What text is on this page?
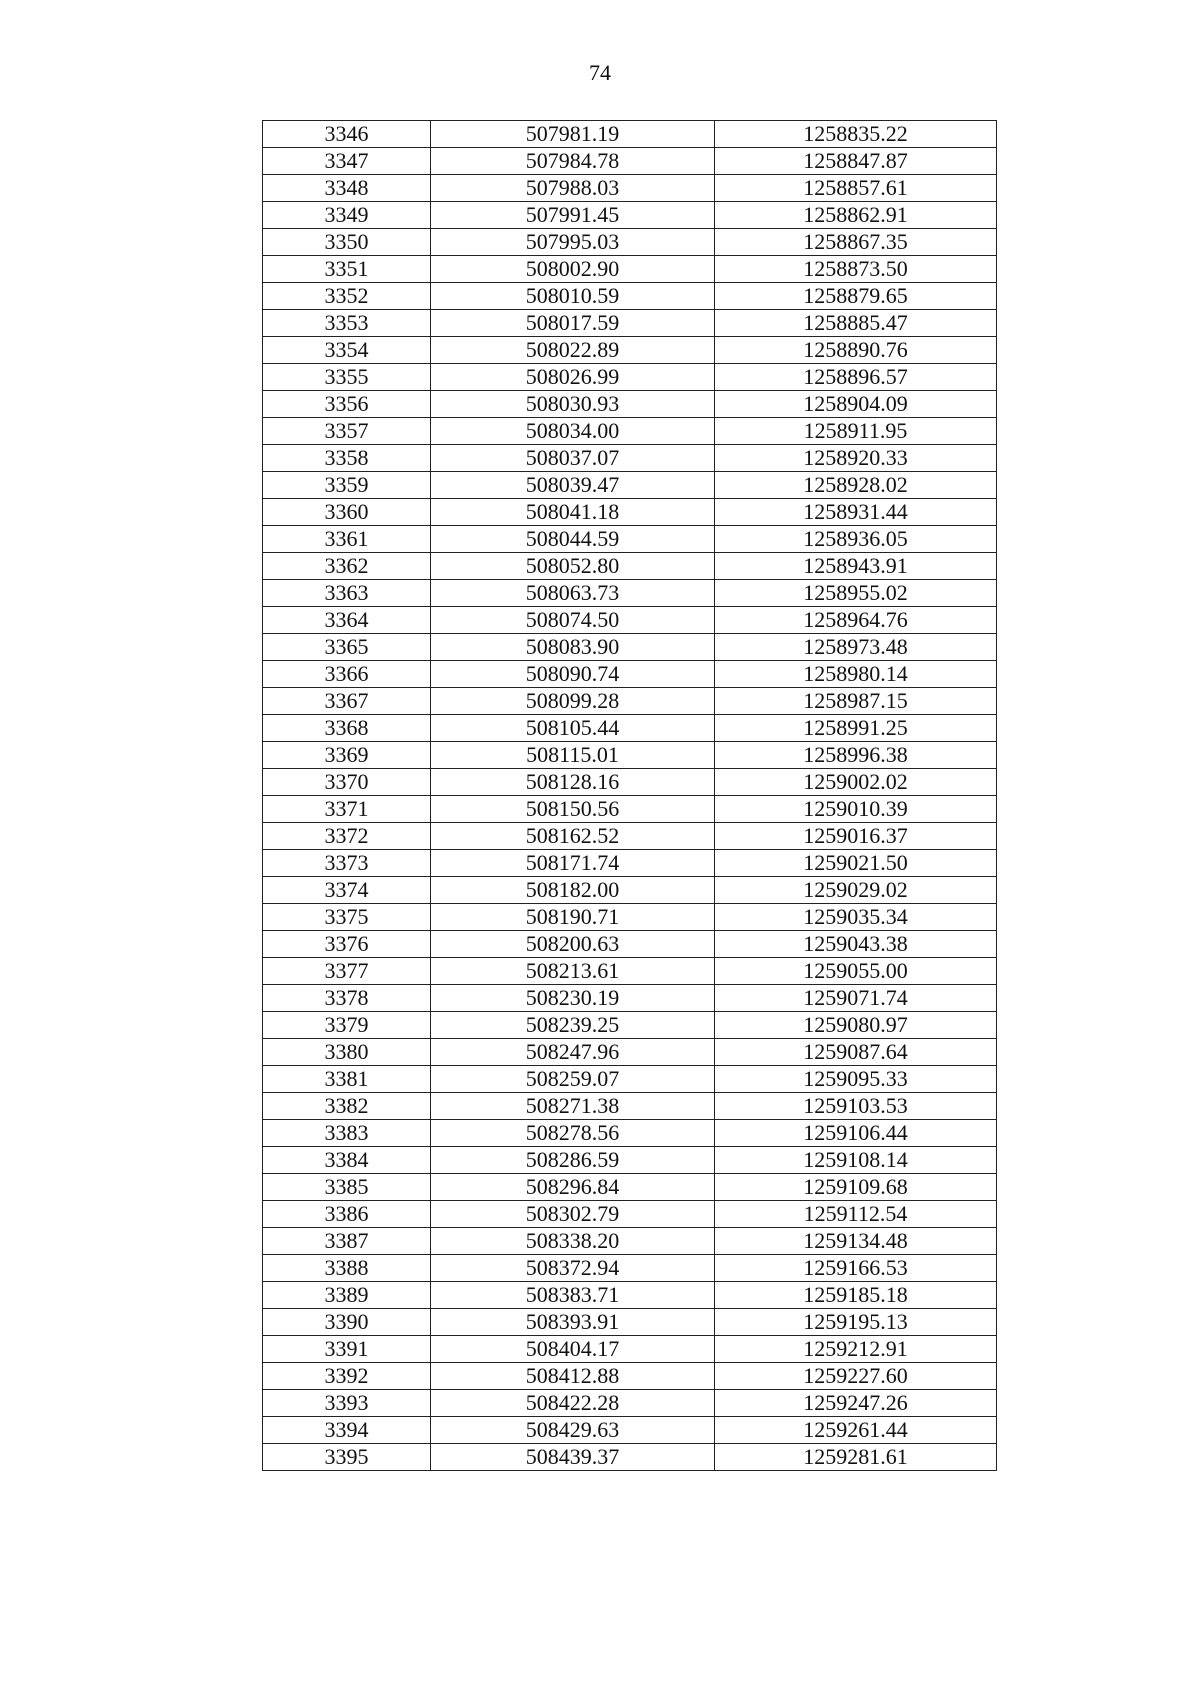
74
3346	507981.19	1258835.22
3347	507984.78	1258847.87
3348	507988.03	1258857.61
3349	507991.45	1258862.91
3350	507995.03	1258867.35
3351	508002.90	1258873.50
3352	508010.59	1258879.65
3353	508017.59	1258885.47
3354	508022.89	1258890.76
3355	508026.99	1258896.57
3356	508030.93	1258904.09
3357	508034.00	1258911.95
3358	508037.07	1258920.33
3359	508039.47	1258928.02
3360	508041.18	1258931.44
3361	508044.59	1258936.05
3362	508052.80	1258943.91
3363	508063.73	1258955.02
3364	508074.50	1258964.76
3365	508083.90	1258973.48
3366	508090.74	1258980.14
3367	508099.28	1258987.15
3368	508105.44	1258991.25
3369	508115.01	1258996.38
3370	508128.16	1259002.02
3371	508150.56	1259010.39
3372	508162.52	1259016.37
3373	508171.74	1259021.50
3374	508182.00	1259029.02
3375	508190.71	1259035.34
3376	508200.63	1259043.38
3377	508213.61	1259055.00
3378	508230.19	1259071.74
3379	508239.25	1259080.97
3380	508247.96	1259087.64
3381	508259.07	1259095.33
3382	508271.38	1259103.53
3383	508278.56	1259106.44
3384	508286.59	1259108.14
3385	508296.84	1259109.68
3386	508302.79	1259112.54
3387	508338.20	1259134.48
3388	508372.94	1259166.53
3389	508383.71	1259185.18
3390	508393.91	1259195.13
3391	508404.17	1259212.91
3392	508412.88	1259227.60
3393	508422.28	1259247.26
3394	508429.63	1259261.44
3395	508439.37	1259281.61
